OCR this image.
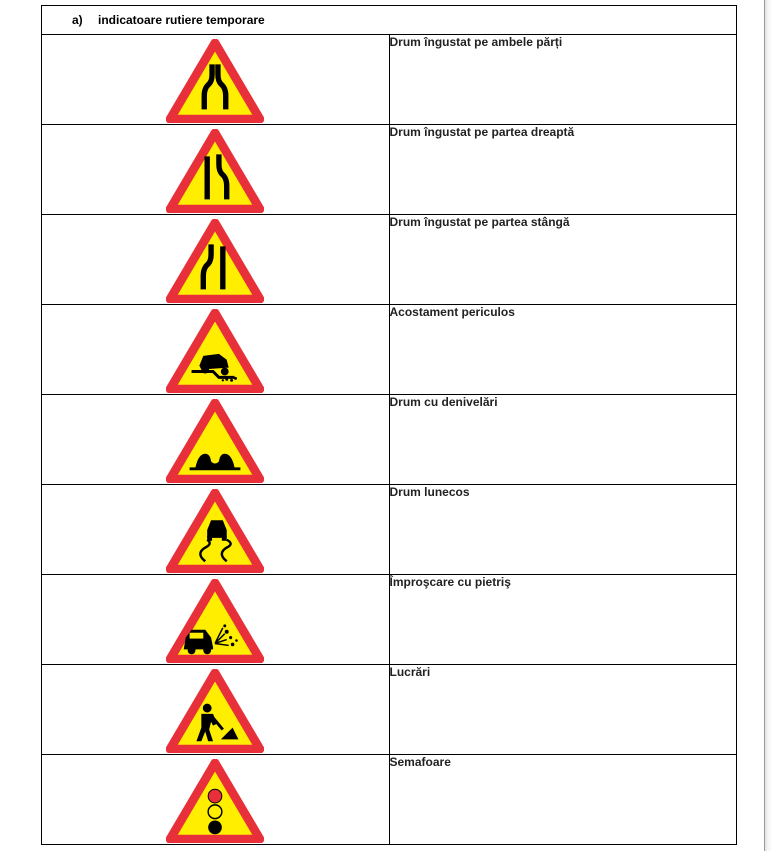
a) indicatoare rutiere temporare	

	Drum îngustat pe ambele părți

	Drum îngustat pe partea dreaptă

	Drum îngustat pe partea stângă

	Acostament periculos

	Drum cu denivelări

	Drum lunecos

	Împroşcare cu pietriş

	Lucrări

	Semafoare
